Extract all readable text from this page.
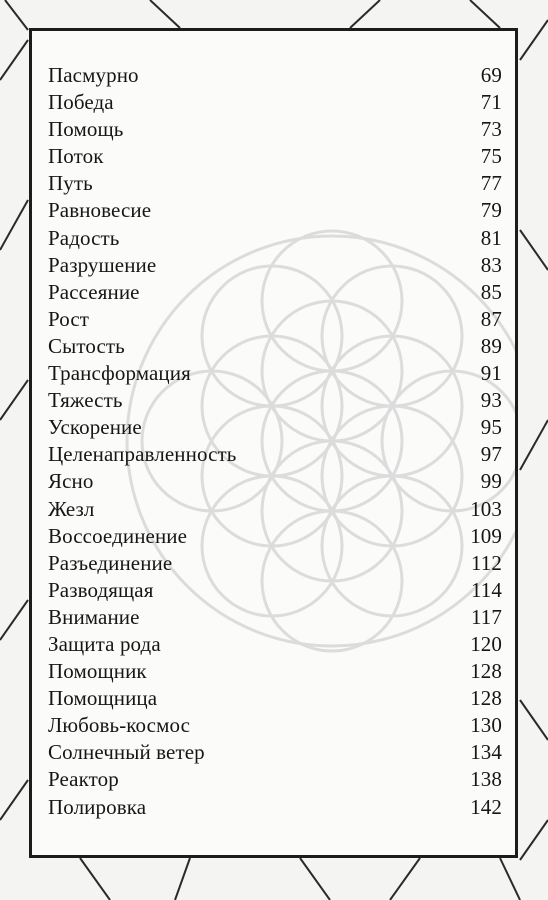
Пасмурно	69
Победа	71
Помощь	73
Поток	75
Путь	77
Равновесие	79
Радость	81
Разрушение	83
Рассеяние	85
Рост	87
Сытость	89
Трансформация	91
Тяжесть	93
Ускорение	95
Целенаправленность	97
Ясно	99
Жезл	103
Воссоединение	109
Разъединение	112
Разводящая	114
Внимание	117
Защита рода	120
Помощник	128
Помощница	128
Любовь-космос	130
Солнечный ветер	134
Реактор	138
Полировка	142
